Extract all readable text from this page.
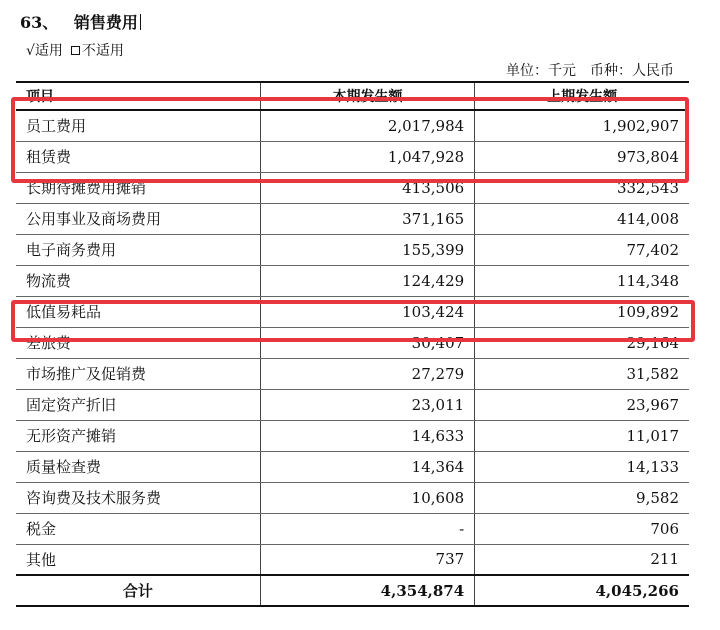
63、 销售费用
√适用 不适用
单位：千元　币种：人民币
项目	本期发生额	上期发生额
员工费用	2,017,984	1,902,907
租赁费	1,047,928	973,804
长期待摊费用摊销	413,506	332,543
公用事业及商场费用	371,165	414,008
电子商务费用	155,399	77,402
物流费	124,429	114,348
低值易耗品	103,424	109,892
差旅费	30,407	29,164
市场推广及促销费	27,279	31,582
固定资产折旧	23,011	23,967
无形资产摊销	14,633	11,017
质量检查费	14,364	14,133
咨询费及技术服务费	10,608	9,582
税金	-	706
其他	737	211
合计	4,354,874	4,045,266
